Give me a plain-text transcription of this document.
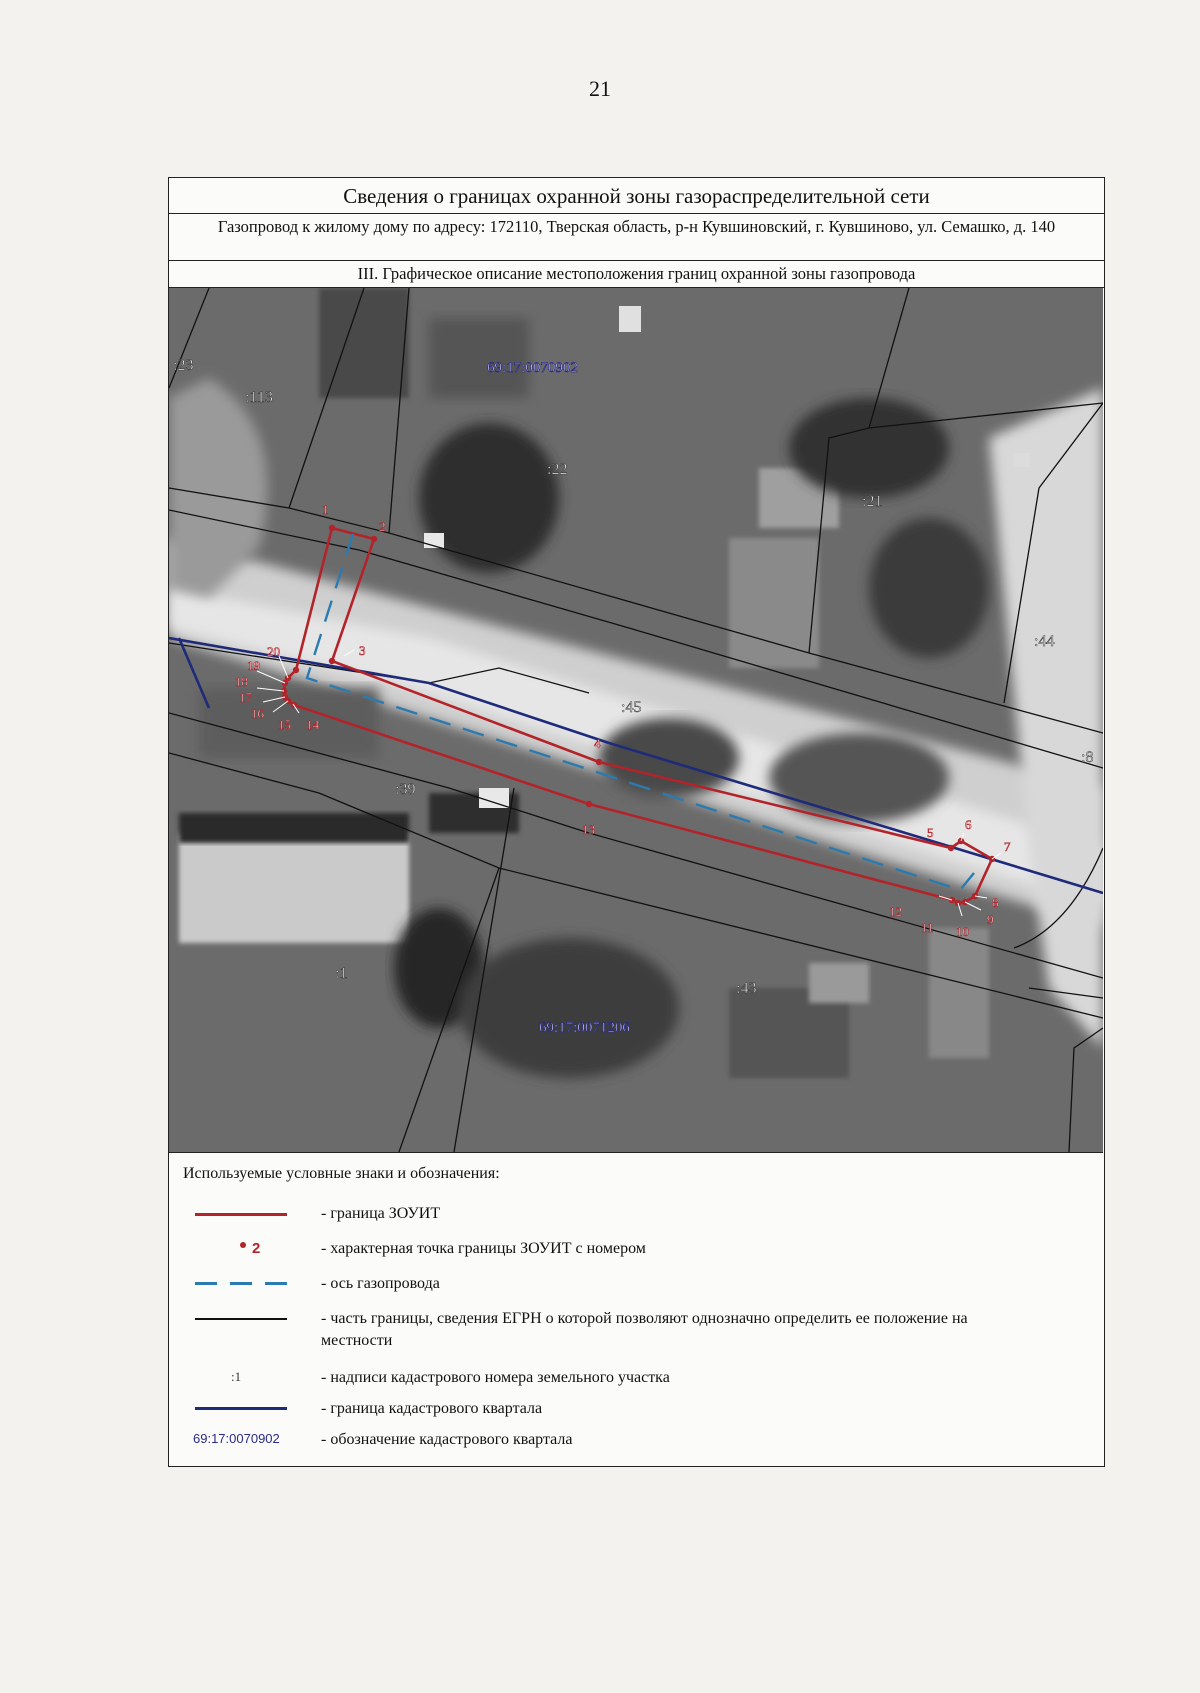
21
Сведения о границах охранной зоны газораспределительной сети
Газопровод к жилому дому по адресу: 172110, Тверская область, р-н Кувшиновский, г. Кувшиново, ул. Семашко, д. 140
III. Графическое описание местоположения границ охранной зоны газопровода
1
2
3
4
5
6
7
8
9
10
11
12
13
14
15
16
17
18
19
20
:23
:113
:22
:21
:44
:45
:8
:39
:43
:1
69:17:0070902
69:17:0071206
Используемые условные знаки и обозначения:
- граница ЗОУИТ
2	- характерная точка границы ЗОУИТ с номером
- ось газопровода
- часть границы, сведения ЕГРН о которой позволяют однозначно определить ее положение на местности
:1	- надписи кадастрового номера земельного участка
- граница кадастрового квартала
69:17:0070902	- обозначение кадастрового квартала
